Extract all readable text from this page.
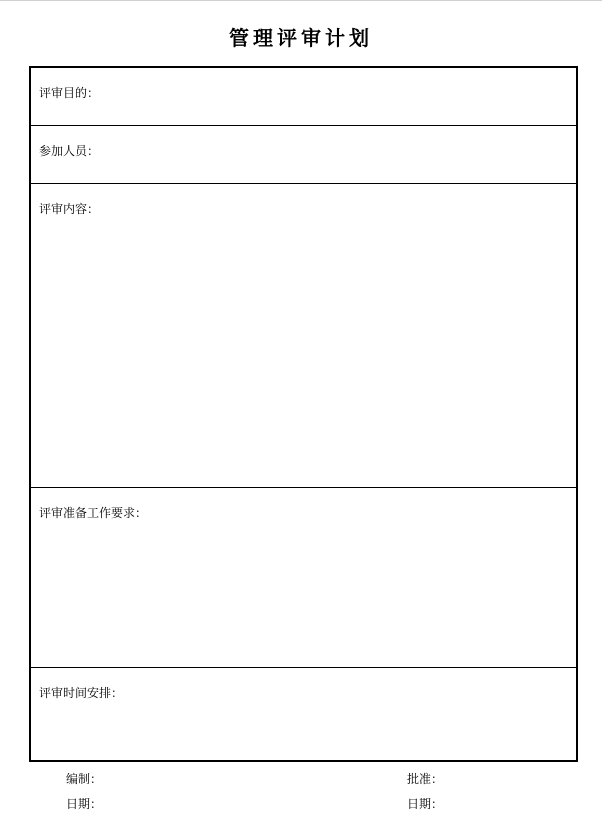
管理评审计划
评审目的：
参加人员：
评审内容：
评审准备工作要求：
评审时间安排：
编制：	批准：
日期：	日期：
